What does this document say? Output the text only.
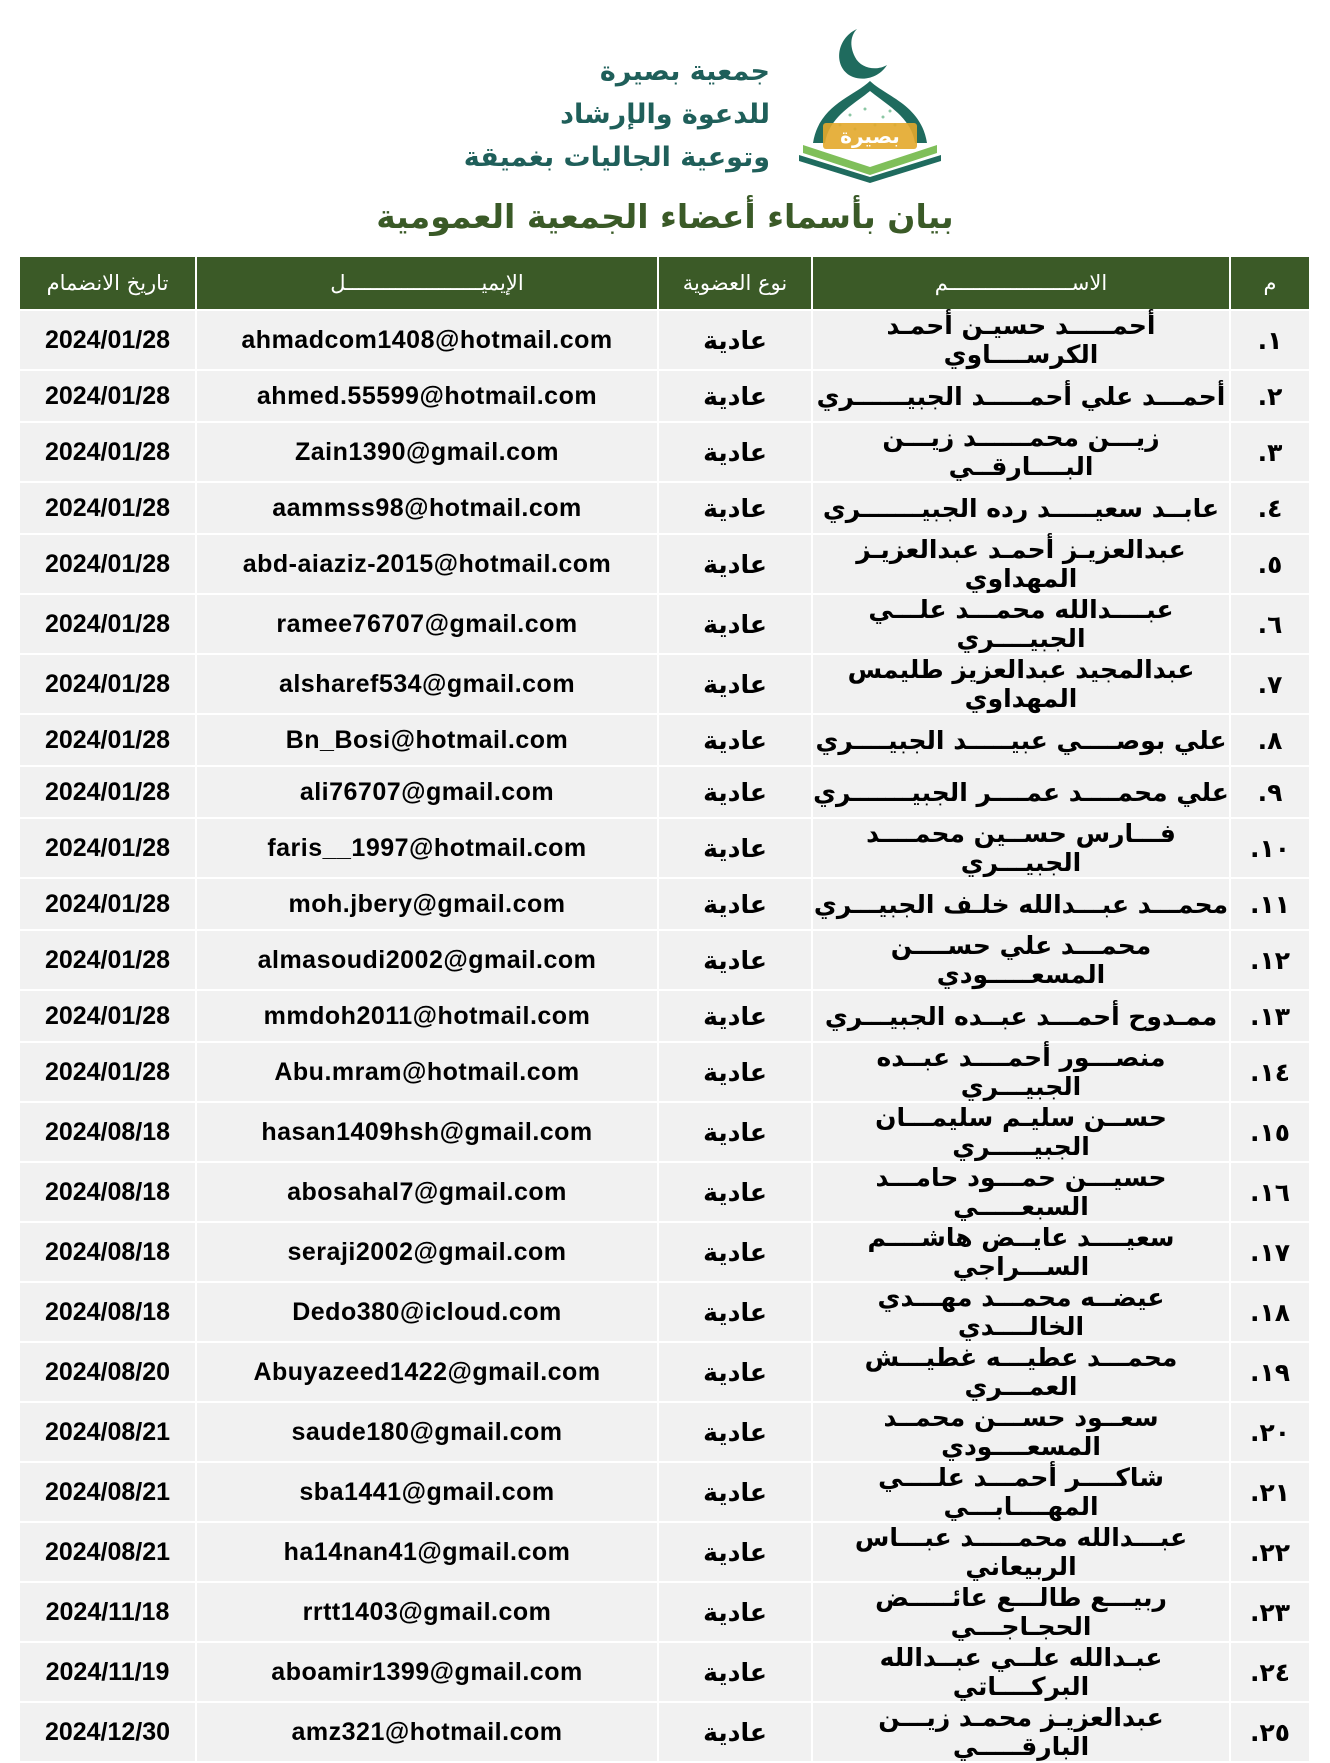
جمعية بصيرة
للدعوة والإرشاد
وتوعية الجاليات بغميقة
بصيرة
بيان بأسماء أعضاء الجمعية العمومية
م	الاســــــــــــــــــــم	نوع العضوية	الإيميــــــــــــــــــــــل	تاريخ الانضمام
١.	أحمـــــد حسيـن أحمـد الكرســــاوي	عادية	ahmadcom1408@hotmail.com	2024/01/28
٢.	أحمـــد علي أحمـــــد الجبيــــــري	عادية	ahmed.55599@hotmail.com	2024/01/28
٣.	زيـــن محمــــــد زيـــن البــــارقــي	عادية	Zain1390@gmail.com	2024/01/28
٤.	عابــد سعيـــــد رده الجبيـــــــري	عادية	aammss98@hotmail.com	2024/01/28
٥.	عبدالعزيـز أحمـد عبدالعزيـز المهداوي	عادية	abd-aiaziz-2015@hotmail.com	2024/01/28
٦.	عبــــدالله محمـــد علـــي الجبيــــري	عادية	ramee76707@gmail.com	2024/01/28
٧.	عبدالمجيد عبدالعزيز طليمس المهداوي	عادية	alsharef534@gmail.com	2024/01/28
٨.	علي بوصــــي عبيـــــد الجبيــــري	عادية	Bn_Bosi@hotmail.com	2024/01/28
٩.	علي محمــــد عمــــر الجبيـــــــري	عادية	ali76707@gmail.com	2024/01/28
١٠.	فـــارس حســين محمــــد الجبيـــري	عادية	faris__1997@hotmail.com	2024/01/28
١١.	محمـــد عبـــدالله خلـف الجبيـــري	عادية	moh.jbery@gmail.com	2024/01/28
١٢.	محمـــد علي حســــن المسعـــــودي	عادية	almasoudi2002@gmail.com	2024/01/28
١٣.	ممـدوح أحمـــد عبــده الجبيـــري	عادية	mmdoh2011@hotmail.com	2024/01/28
١٤.	منصـــور أحمــــد عبــده الجبيـــري	عادية	Abu.mram@hotmail.com	2024/01/28
١٥.	حســن سليـم سليمـــان الجبيـــــري	عادية	hasan1409hsh@gmail.com	2024/08/18
١٦.	حسيـــن حمـــود حامـــد السبعـــــي	عادية	abosahal7@gmail.com	2024/08/18
١٧.	سعيــــد عايــض هاشــــم الســـراجي	عادية	seraji2002@gmail.com	2024/08/18
١٨.	عيضــه محمـــد مهـــدي الخالــــدي	عادية	Dedo380@icloud.com	2024/08/18
١٩.	محمـــد عطيـــه غطيـــش العمـــري	عادية	Abuyazeed1422@gmail.com	2024/08/20
٢٠.	سعــود حســـن محمــد المسعــــودي	عادية	saude180@gmail.com	2024/08/21
٢١.	شاكــــر أحمـــد علــــي المهــــابـــي	عادية	sba1441@gmail.com	2024/08/21
٢٢.	عبـــدالله محمـــــد عبـــاس الربيعاني	عادية	ha14nan41@gmail.com	2024/08/21
٢٣.	ربيـــع طالـــع عائـــــض الحجـاجـــي	عادية	rrtt1403@gmail.com	2024/11/18
٢٤.	عبـدالله علــي عبــدالله البركــــاتي	عادية	aboamir1399@gmail.com	2024/11/19
٢٥.	عبدالعزيـز محمـد زيـــن البارقـــــي	عادية	amz321@hotmail.com	2024/12/30
